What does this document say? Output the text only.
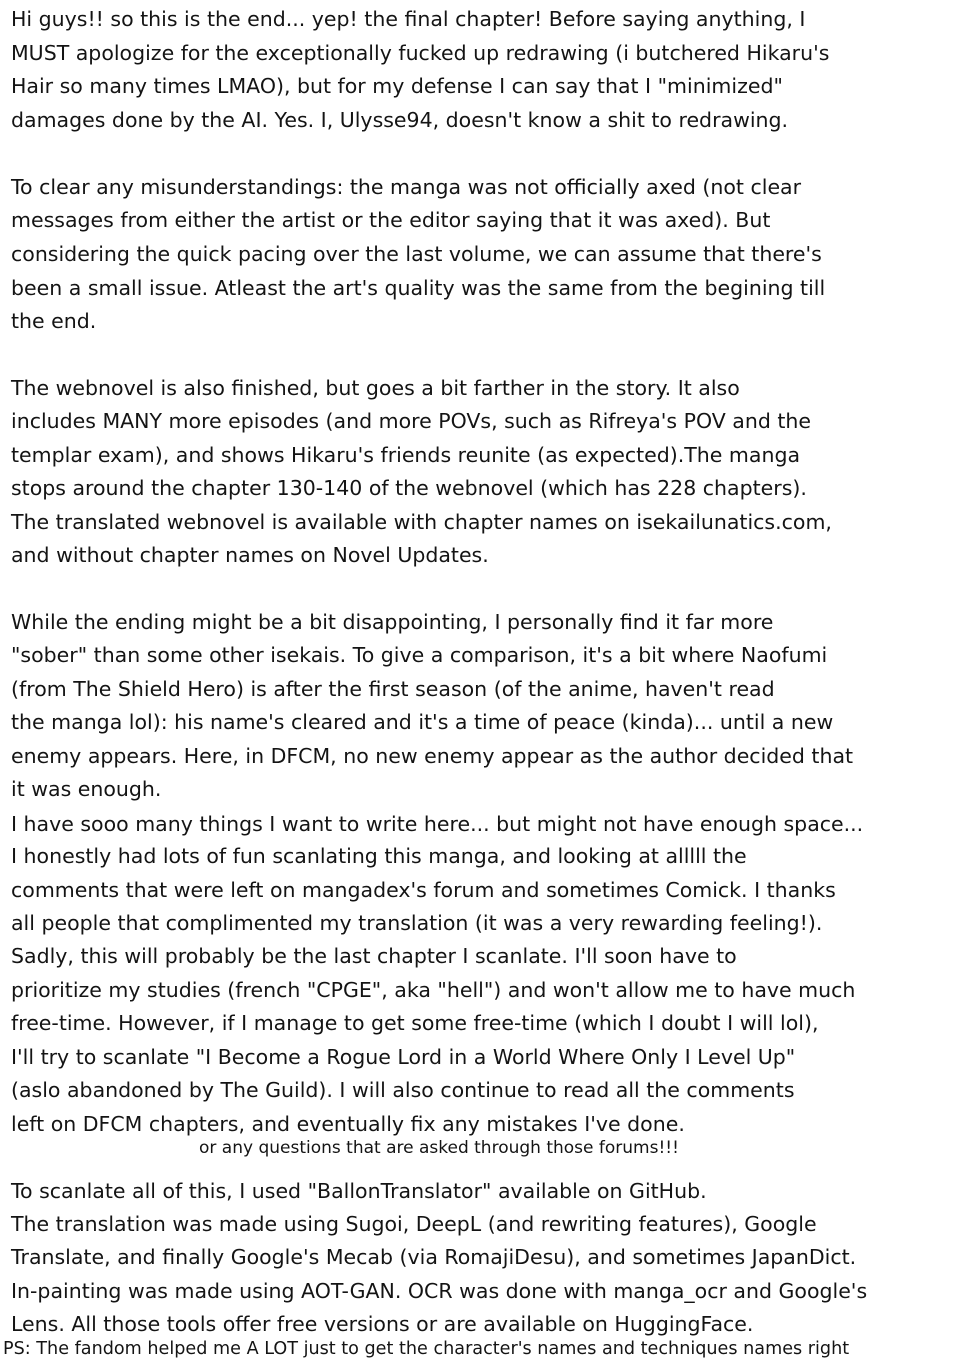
Hi guys!! so this is the end... yep! the final chapter! Before saying anything, I
MUST apologize for the exceptionally fucked up redrawing (i butchered Hikaru's
Hair so many times LMAO), but for my defense I can say that I "minimized"
damages done by the AI. Yes. I, Ulysse94, doesn't know a shit to redrawing.
To clear any misunderstandings: the manga was not officially axed (not clear
messages from either the artist or the editor saying that it was axed). But
considering the quick pacing over the last volume, we can assume that there's
been a small issue. Atleast the art's quality was the same from the begining till
the end.
The webnovel is also finished, but goes a bit farther in the story. It also
includes MANY more episodes (and more POVs, such as Rifreya's POV and the
templar exam), and shows Hikaru's friends reunite (as expected).The manga
stops around the chapter 130-140 of the webnovel (which has 228 chapters).
The translated webnovel is available with chapter names on isekailunatics.com,
and without chapter names on Novel Updates.
While the ending might be a bit disappointing, I personally find it far more
"sober" than some other isekais. To give a comparison, it's a bit where Naofumi
(from The Shield Hero) is after the first season (of the anime, haven't read
the manga lol): his name's cleared and it's a time of peace (kinda)... until a new
enemy appears. Here, in DFCM, no new enemy appear as the author decided that
it was enough.
I have sooo many things I want to write here... but might not have enough space...
I honestly had lots of fun scanlating this manga, and looking at alllll the
comments that were left on mangadex's forum and sometimes Comick. I thanks
all people that complimented my translation (it was a very rewarding feeling!).
Sadly, this will probably be the last chapter I scanlate. I'll soon have to
prioritize my studies (french "CPGE", aka "hell") and won't allow me to have much
free-time. However, if I manage to get some free-time (which I doubt I will lol),
I'll try to scanlate "I Become a Rogue Lord in a World Where Only I Level Up"
(aslo abandoned by The Guild). I will also continue to read all the comments
left on DFCM chapters, and eventually fix any mistakes I've done.
or any questions that are asked through those forums!!!
To scanlate all of this, I used "BallonTranslator" available on GitHub.
The translation was made using Sugoi, DeepL (and rewriting features), Google
Translate, and finally Google's Mecab (via RomajiDesu), and sometimes JapanDict.
In-painting was made using AOT-GAN. OCR was done with manga_ocr and Google's
Lens. All those tools offer free versions or are available on HuggingFace.
PS: The fandom helped me A LOT just to get the character's names and techniques names right
